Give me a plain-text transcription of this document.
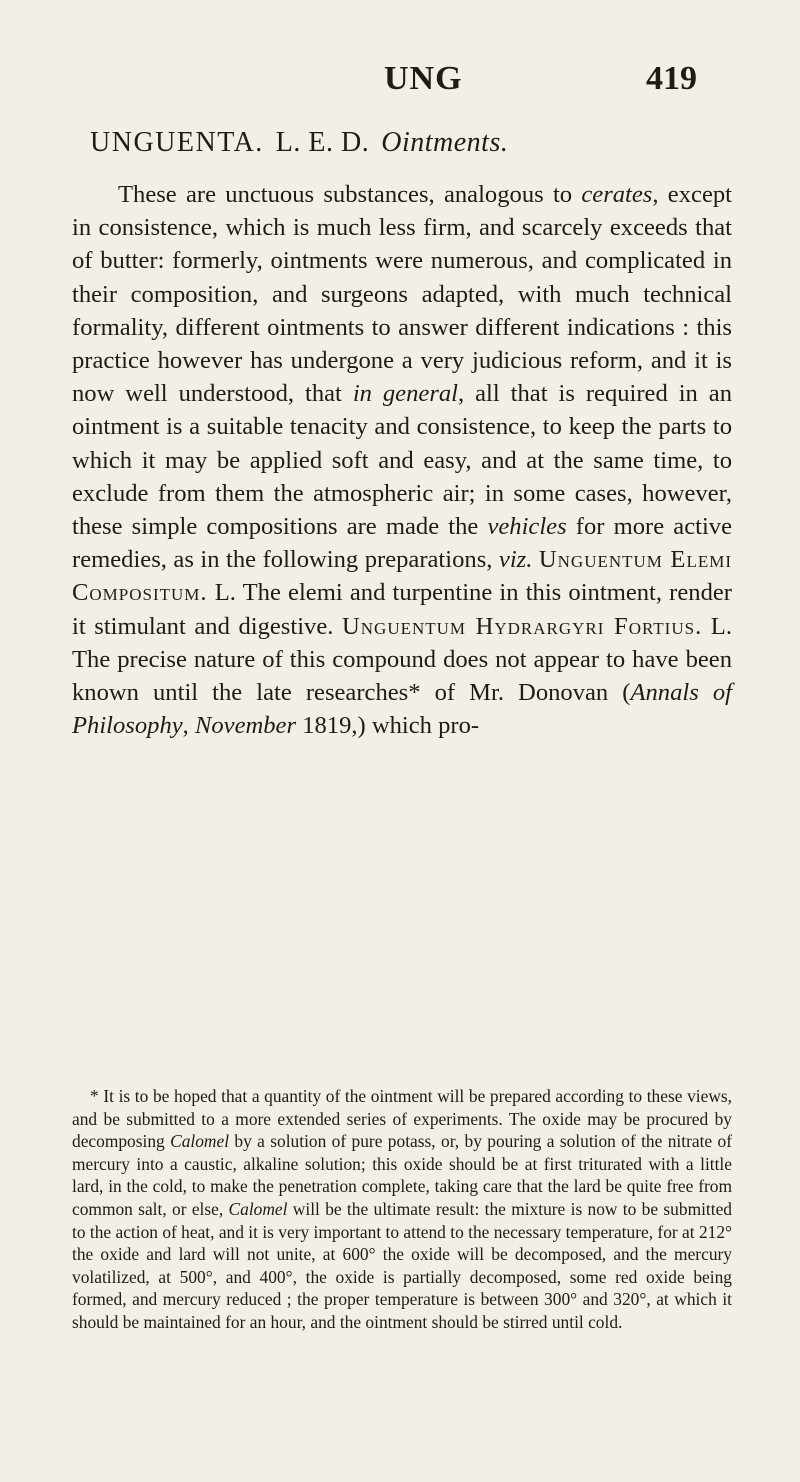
UNG	419
UNGUENTA. L. E. D. Ointments.

These are unctuous substances, analogous to cerates, except in consistence, which is much less firm, and scarcely exceeds that of butter: formerly, ointments were numerous, and complicated in their composition, and surgeons adapted, with much technical formality, different ointments to answer different indications : this practice however has undergone a very judicious reform, and it is now well understood, that in general, all that is required in an ointment is a suitable tenacity and consistence, to keep the parts to which it may be applied soft and easy, and at the same time, to exclude from them the atmospheric air; in some cases, however, these simple compositions are made the vehicles for more active remedies, as in the following preparations, viz. Unguentum Elemi Compositum. L. The elemi and turpentine in this ointment, render it stimulant and digestive. Unguentum Hydrargyri Fortius. L. The precise nature of this compound does not appear to have been known until the late researches* of Mr. Donovan (Annals of Philosophy, November 1819,) which pro-

* It is to be hoped that a quantity of the ointment will be prepared according to these views, and be submitted to a more extended series of experiments. The oxide may be procured by decomposing Calomel by a solution of pure potass, or, by pouring a solution of the nitrate of mercury into a caustic, alkaline solution; this oxide should be at first triturated with a little lard, in the cold, to make the penetration complete, taking care that the lard be quite free from common salt, or else, Calomel will be the ultimate result: the mixture is now to be submitted to the action of heat, and it is very important to attend to the necessary temperature, for at 212° the oxide and lard will not unite, at 600° the oxide will be decomposed, and the mercury volatilized, at 500°, and 400°, the oxide is partially decomposed, some red oxide being formed, and mercury reduced ; the proper temperature is between 300° and 320°, at which it should be maintained for an hour, and the ointment should be stirred until cold.
